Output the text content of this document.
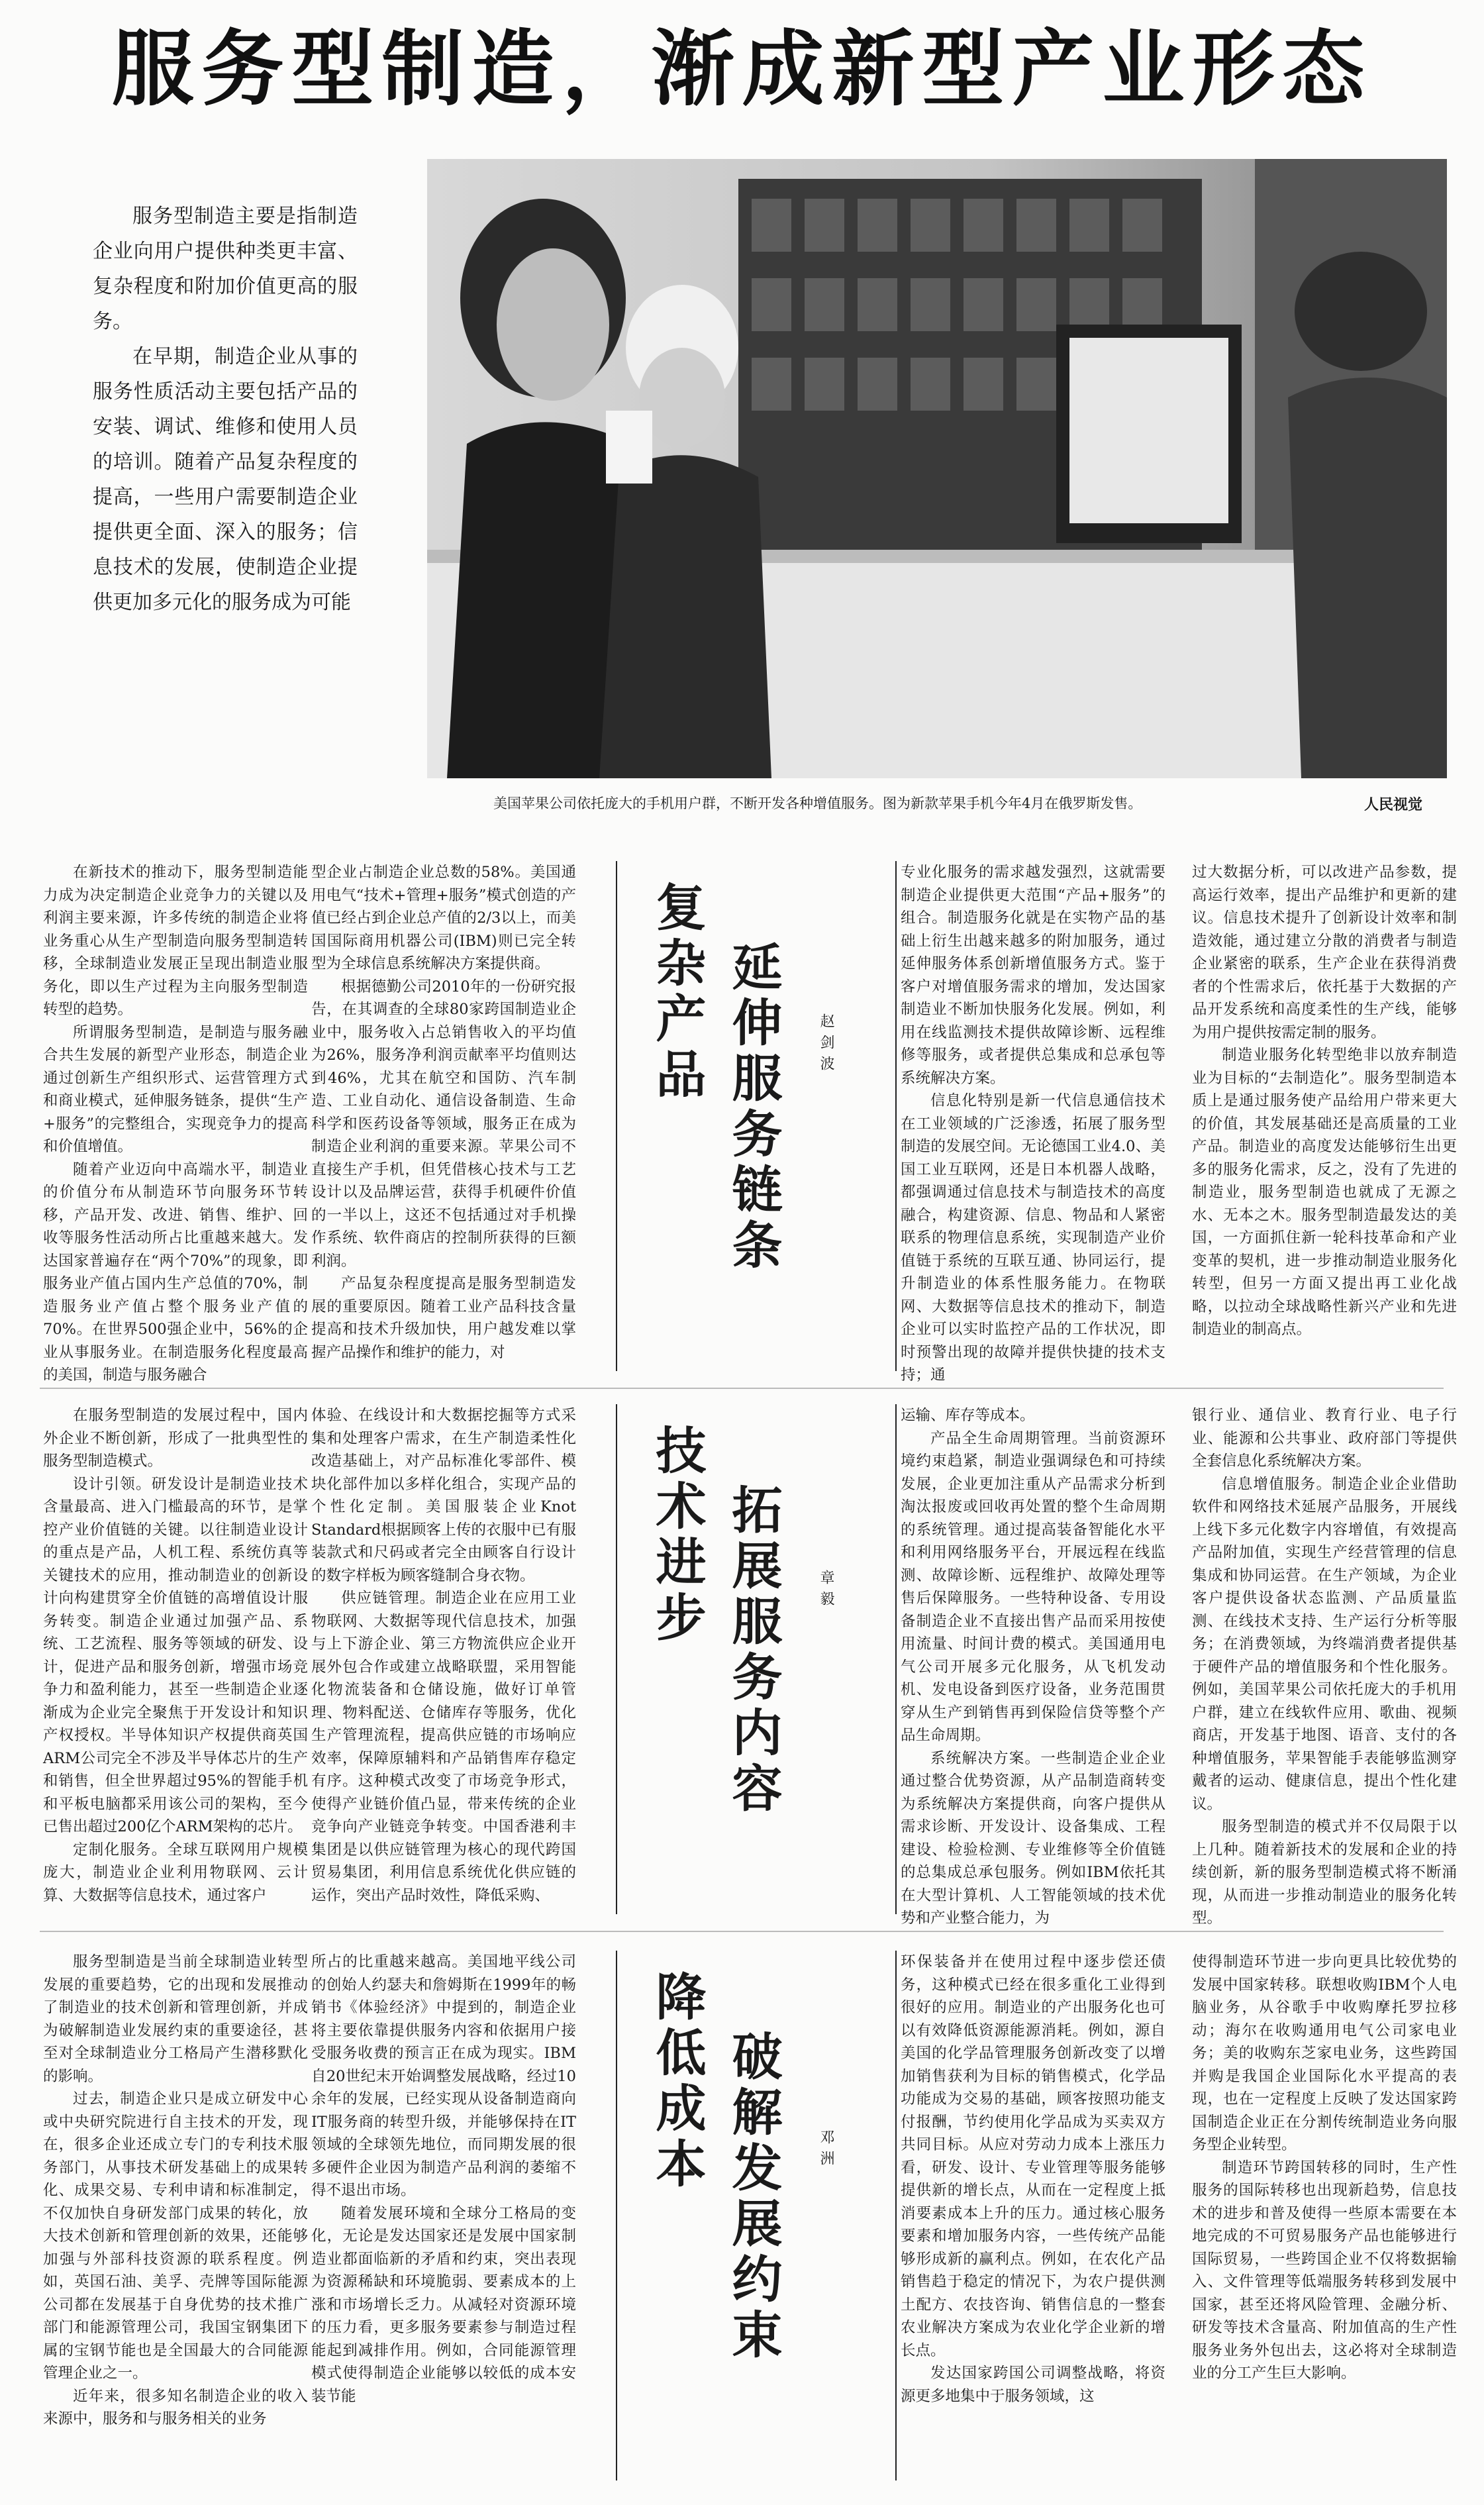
服务型制造，渐成新型产业形态

服务型制造主要是指制造企业向用户提供种类更丰富、复杂程度和附加价值更高的服务。

在早期，制造企业从事的服务性质活动主要包括产品的安装、调试、维修和使用人员的培训。随着产品复杂程度的提高，一些用户需要制造企业提供更全面、深入的服务；信息技术的发展，使制造企业提供更加多元化的服务成为可能

美国苹果公司依托庞大的手机用户群，不断开发各种增值服务。图为新款苹果手机今年4月在俄罗斯发售。	人民视觉

在新技术的推动下，服务型制造能力成为决定制造企业竞争力的关键以及利润主要来源，许多传统的制造企业将业务重心从生产型制造向服务型制造转移，全球制造业发展正呈现出制造业服务化，即以生产过程为主向服务型制造转型的趋势。

所谓服务型制造，是制造与服务融合共生发展的新型产业形态，制造企业通过创新生产组织形式、运营管理方式和商业模式，延伸服务链条，提供“生产+服务”的完整组合，实现竞争力的提高和价值增值。

随着产业迈向中高端水平，制造业的价值分布从制造环节向服务环节转移，产品开发、改进、销售、维护、回收等服务性活动所占比重越来越大。发达国家普遍存在“两个70%”的现象，即服务业产值占国内生产总值的70%，制造服务业产值占整个服务业产值的70%。在世界500强企业中，56%的企业从事服务业。在制造服务化程度最高的美国，制造与服务融合

型企业占制造企业总数的58%。美国通用电气“技术+管理+服务”模式创造的产值已经占到企业总产值的2/3以上，而美国国际商用机器公司(IBM)则已完全转型为全球信息系统解决方案提供商。

根据德勤公司2010年的一份研究报告，在其调查的全球80家跨国制造业企业中，服务收入占总销售收入的平均值为26%，服务净利润贡献率平均值则达到46%，尤其在航空和国防、汽车制造、工业自动化、通信设备制造、生命科学和医药设备等领域，服务正在成为制造企业利润的重要来源。苹果公司不直接生产手机，但凭借核心技术与工艺设计以及品牌运营，获得手机硬件价值的一半以上，这还不包括通过对手机操作系统、软件商店的控制所获得的巨额利润。

产品复杂程度提高是服务型制造发展的重要原因。随着工业产品科技含量提高和技术升级加快，用户越发难以掌握产品操作和维护的能力，对

复杂产品 延伸服务链条 赵剑波

专业化服务的需求越发强烈，这就需要制造企业提供更大范围“产品+服务”的组合。制造服务化就是在实物产品的基础上衍生出越来越多的附加服务，通过延伸服务体系创新增值服务方式。鉴于客户对增值服务需求的增加，发达国家制造业不断加快服务化发展。例如，利用在线监测技术提供故障诊断、远程维修等服务，或者提供总集成和总承包等系统解决方案。

信息化特别是新一代信息通信技术在工业领域的广泛渗透，拓展了服务型制造的发展空间。无论德国工业4.0、美国工业互联网，还是日本机器人战略，都强调通过信息技术与制造技术的高度融合，构建资源、信息、物品和人紧密联系的物理信息系统，实现制造产业价值链于系统的互联互通、协同运行，提升制造业的体系性服务能力。在物联网、大数据等信息技术的推动下，制造企业可以实时监控产品的工作状况，即时预警出现的故障并提供快捷的技术支持；通

过大数据分析，可以改进产品参数，提高运行效率，提出产品维护和更新的建议。信息技术提升了创新设计效率和制造效能，通过建立分散的消费者与制造企业紧密的联系，生产企业在获得消费者的个性需求后，依托基于大数据的产品开发系统和高度柔性的生产线，能够为用户提供按需定制的服务。

制造业服务化转型绝非以放弃制造业为目标的“去制造化”。服务型制造本质上是通过服务使产品给用户带来更大的价值，其发展基础还是高质量的工业产品。制造业的高度发达能够衍生出更多的服务化需求，反之，没有了先进的制造业，服务型制造也就成了无源之水、无本之木。服务型制造最发达的美国，一方面抓住新一轮科技革命和产业变革的契机，进一步推动制造业服务化转型，但另一方面又提出再工业化战略，以拉动全球战略性新兴产业和先进制造业的制高点。

在服务型制造的发展过程中，国内外企业不断创新，形成了一批典型性的服务型制造模式。

设计引领。研发设计是制造业技术含量最高、进入门槛最高的环节，是掌控产业价值链的关键。以往制造业设计的重点是产品，人机工程、系统仿真等关键技术的应用，推动制造业的创新设计向构建贯穿全价值链的高增值设计服务转变。制造企业通过加强产品、系统、工艺流程、服务等领域的研发、设计，促进产品和服务创新，增强市场竞争力和盈利能力，甚至一些制造企业逐渐成为企业完全聚焦于开发设计和知识产权授权。半导体知识产权提供商英国ARM公司完全不涉及半导体芯片的生产和销售，但全世界超过95%的智能手机和平板电脑都采用该公司的架构，至今已售出超过200亿个ARM架构的芯片。

定制化服务。全球互联网用户规模庞大，制造业企业利用物联网、云计算、大数据等信息技术，通过客户

体验、在线设计和大数据挖掘等方式采集和处理客户需求，在生产制造柔性化改造基础上，对产品标准化零部件、模块化部件加以多样化组合，实现产品的个性化定制。美国服装企业Knot Standard根据顾客上传的衣服中已有服装款式和尺码或者完全由顾客自行设计的数字样板为顾客缝制合身衣物。

供应链管理。制造企业在应用工业物联网、大数据等现代信息技术，加强与上下游企业、第三方物流供应企业开展外包合作或建立战略联盟，采用智能化物流装备和仓储设施，做好订单管理、物料配送、仓储库存等服务，优化生产管理流程，提高供应链的市场响应效率，保障原辅料和产品销售库存稳定有序。这种模式改变了市场竞争形式，使得产业链价值凸显，带来传统的企业竞争向产业链竞争转变。中国香港利丰集团是以供应链管理为核心的现代跨国贸易集团，利用信息系统优化供应链的运作，突出产品时效性，降低采购、

技术进步 拓展服务内容 章毅

运输、库存等成本。

产品全生命周期管理。当前资源环境约束趋紧，制造业强调绿色和可持续发展，企业更加注重从产品需求分析到淘汰报废或回收再处置的整个生命周期的系统管理。通过提高装备智能化水平和利用网络服务平台，开展远程在线监测、故障诊断、远程维护、故障处理等售后保障服务。一些特种设备、专用设备制造企业不直接出售产品而采用按使用流量、时间计费的模式。美国通用电气公司开展多元化服务，从飞机发动机、发电设备到医疗设备，业务范围贯穿从生产到销售再到保险信贷等整个产品生命周期。

系统解决方案。一些制造企业企业通过整合优势资源，从产品制造商转变为系统解决方案提供商，向客户提供从需求诊断、开发设计、设备集成、工程建设、检验检测、专业维修等全价值链的总集成总承包服务。例如IBM依托其在大型计算机、人工智能领域的技术优势和产业整合能力，为

银行业、通信业、教育行业、电子行业、能源和公共事业、政府部门等提供全套信息化系统解决方案。

信息增值服务。制造企业企业借助软件和网络技术延展产品服务，开展线上线下多元化数字内容增值，有效提高产品附加值，实现生产经营管理的信息集成和协同运营。在生产领域，为企业客户提供设备状态监测、产品质量监测、在线技术支持、生产运行分析等服务；在消费领域，为终端消费者提供基于硬件产品的增值服务和个性化服务。例如，美国苹果公司依托庞大的手机用户群，建立在线软件应用、歌曲、视频商店，开发基于地图、语音、支付的各种增值服务，苹果智能手表能够监测穿戴者的运动、健康信息，提出个性化建议。

服务型制造的模式并不仅局限于以上几种。随着新技术的发展和企业的持续创新，新的服务型制造模式将不断涌现，从而进一步推动制造业的服务化转型。

服务型制造是当前全球制造业转型发展的重要趋势，它的出现和发展推动了制造业的技术创新和管理创新，并成为破解制造业发展约束的重要途径，甚至对全球制造业分工格局产生潜移默化的影响。

过去，制造企业只是成立研发中心或中央研究院进行自主技术的开发，现在，很多企业还成立专门的专利技术服务部门，从事技术研发基础上的成果转化、成果交易、专利申请和标准制定，不仅加快自身研发部门成果的转化，放大技术创新和管理创新的效果，还能够加强与外部科技资源的联系程度。例如，英国石油、美孚、壳牌等国际能源公司都在发展基于自身优势的技术推广部门和能源管理公司，我国宝钢集团下属的宝钢节能也是全国最大的合同能源管理企业之一。

近年来，很多知名制造企业的收入来源中，服务和与服务相关的业务

所占的比重越来越高。美国地平线公司的创始人约瑟夫和詹姆斯在1999年的畅销书《体验经济》中提到的，制造企业将主要依靠提供服务内容和依据用户接受服务收费的预言正在成为现实。IBM自20世纪末开始调整发展战略，经过10余年的发展，已经实现从设备制造商向IT服务商的转型升级，并能够保持在IT领域的全球领先地位，而同期发展的很多硬件企业因为制造产品利润的萎缩不得不退出市场。

随着发展环境和全球分工格局的变化，无论是发达国家还是发展中国家制造业都面临新的矛盾和约束，突出表现为资源稀缺和环境脆弱、要素成本的上涨和市场增长乏力。从减轻对资源环境的压力看，更多服务要素参与制造过程能起到减排作用。例如，合同能源管理模式使得制造企业能够以较低的成本安装节能

降低成本 破解发展约束 邓洲

环保装备并在使用过程中逐步偿还债务，这种模式已经在很多重化工业得到很好的应用。制造业的产出服务化也可以有效降低资源能源消耗。例如，源自美国的化学品管理服务创新改变了以增加销售获利为目标的销售模式，化学品功能成为交易的基础，顾客按照功能支付报酬，节约使用化学品成为买卖双方共同目标。从应对劳动力成本上涨压力看，研发、设计、专业管理等服务能够提供新的增长点，从而在一定程度上抵消要素成本上升的压力。通过核心服务要素和增加服务内容，一些传统产品能够形成新的赢利点。例如，在农化产品销售趋于稳定的情况下，为农户提供测土配方、农技咨询、销售信息的一整套农业解决方案成为农业化学企业新的增长点。

发达国家跨国公司调整战略，将资源更多地集中于服务领域，这

使得制造环节进一步向更具比较优势的发展中国家转移。联想收购IBM个人电脑业务，从谷歌手中收购摩托罗拉移动；海尔在收购通用电气公司家电业务；美的收购东芝家电业务，这些跨国并购是我国企业国际化水平提高的表现，也在一定程度上反映了发达国家跨国制造企业正在分割传统制造业务向服务型企业转型。

制造环节跨国转移的同时，生产性服务的国际转移也出现新趋势，信息技术的进步和普及使得一些原本需要在本地完成的不可贸易服务产品也能够进行国际贸易，一些跨国企业不仅将数据输入、文件管理等低端服务转移到发展中国家，甚至还将风险管理、金融分析、研发等技术含量高、附加值高的生产性服务业务外包出去，这必将对全球制造业的分工产生巨大影响。
